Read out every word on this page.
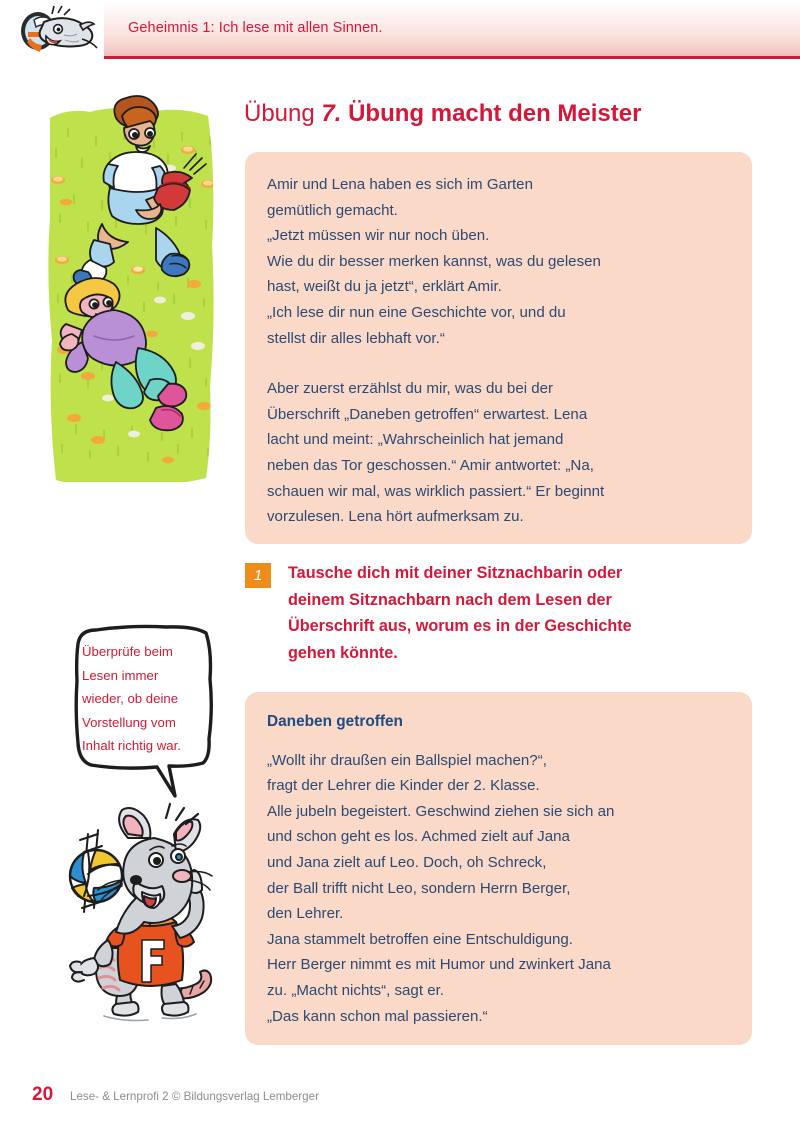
Geheimnis 1: Ich lese mit allen Sinnen.
Übung 7. Übung macht den Meister

Amir und Lena haben es sich im Garten
gemütlich gemacht.
„Jetzt müssen wir nur noch üben.
Wie du dir besser merken kannst, was du gelesen
hast, weißt du ja jetzt“, erklärt Amir.
„Ich lese dir nun eine Geschichte vor, und du
stellst dir alles lebhaft vor.“

Aber zuerst erzählst du mir, was du bei der
Überschrift „Daneben getroffen“ erwartest. Lena
lacht und meint: „Wahrscheinlich hat jemand
neben das Tor geschossen.“ Amir antwortet: „Na,
schauen wir mal, was wirklich passiert.“ Er beginnt
vorzulesen. Lena hört aufmerksam zu.

1	Tausche dich mit deiner Sitznachbarin oder
deinem Sitznachbarn nach dem Lesen der
Überschrift aus, worum es in der Geschichte
gehen könnte.
Überprüfe beim
Lesen immer
wieder, ob deine
Vorstellung vom
Inhalt richtig war.
Daneben getroffen

„Wollt ihr draußen ein Ballspiel machen?“,
fragt der Lehrer die Kinder der 2. Klasse.
Alle jubeln begeistert. Geschwind ziehen sie sich an
und schon geht es los. Achmed zielt auf Jana
und Jana zielt auf Leo. Doch, oh Schreck,
der Ball trifft nicht Leo, sondern Herrn Berger,
den Lehrer.
Jana stammelt betroffen eine Entschuldigung.
Herr Berger nimmt es mit Humor und zwinkert Jana
zu. „Macht nichts“, sagt er.
„Das kann schon mal passieren.“

20 Lese- & Lernprofi 2 © Bildungsverlag Lemberger
